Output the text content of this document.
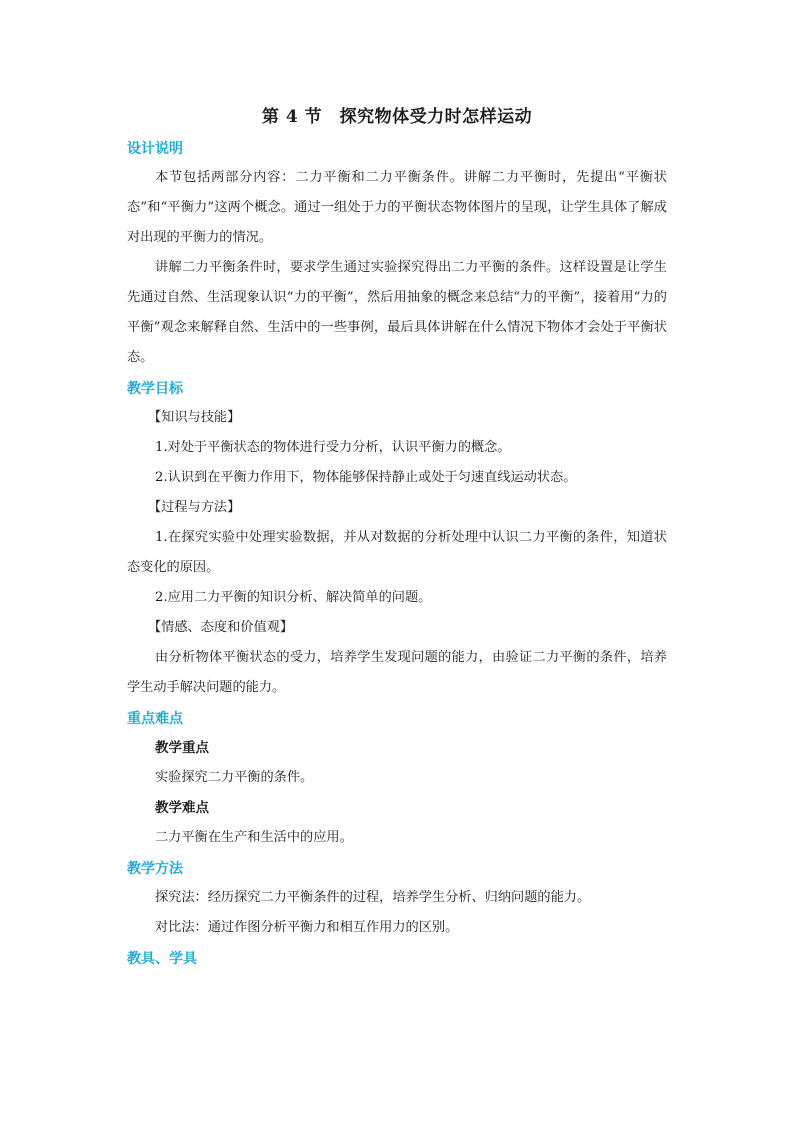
第 4 节　探究物体受力时怎样运动
设计说明

本节包括两部分内容：二力平衡和二力平衡条件。讲解二力平衡时，先提出“平衡状态”和“平衡力”这两个概念。通过一组处于力的平衡状态物体图片的呈现，让学生具体了解成对出现的平衡力的情况。

讲解二力平衡条件时，要求学生通过实验探究得出二力平衡的条件。这样设置是让学生先通过自然、生活现象认识“力的平衡”，然后用抽象的概念来总结“力的平衡”，接着用“力的平衡”观念来解释自然、生活中的一些事例，最后具体讲解在什么情况下物体才会处于平衡状态。

教学目标

【知识与技能】

1.对处于平衡状态的物体进行受力分析，认识平衡力的概念。

2.认识到在平衡力作用下，物体能够保持静止或处于匀速直线运动状态。

【过程与方法】

1.在探究实验中处理实验数据，并从对数据的分析处理中认识二力平衡的条件，知道状态变化的原因。

2.应用二力平衡的知识分析、解决简单的问题。

【情感、态度和价值观】

由分析物体平衡状态的受力，培养学生发现问题的能力，由验证二力平衡的条件，培养学生动手解决问题的能力。

重点难点

教学重点

实验探究二力平衡的条件。

教学难点

二力平衡在生产和生活中的应用。

教学方法

探究法：经历探究二力平衡条件的过程，培养学生分析、归纳问题的能力。

对比法：通过作图分析平衡力和相互作用力的区别。

教具、学具
